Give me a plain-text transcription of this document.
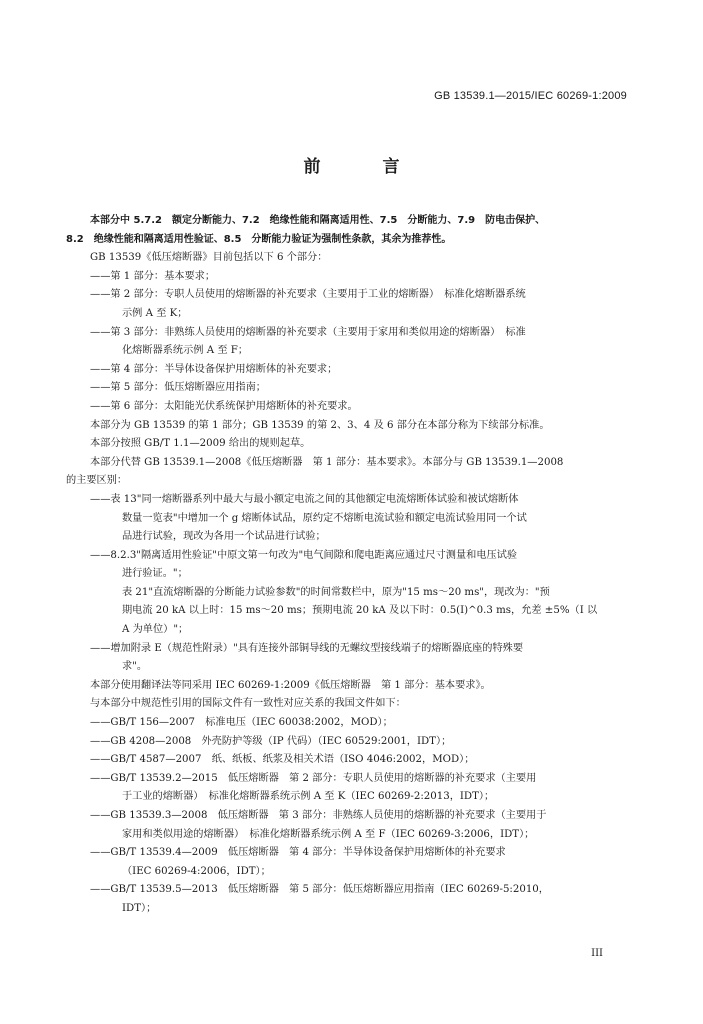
GB 13539.1—2015/IEC 60269-1:2009
前 言
本部分中 5.7.2　额定分断能力、7.2　绝缘性能和隔离适用性、7.5　分断能力、7.9　防电击保护、
8.2　绝缘性能和隔离适用性验证、8.5　分断能力验证为强制性条款，其余为推荐性。
GB 13539《低压熔断器》目前包括以下 6 个部分：
——第 1 部分：基本要求；
——第 2 部分：专职人员使用的熔断器的补充要求（主要用于工业的熔断器）　标准化熔断器系统
示例 A 至 K；
——第 3 部分：非熟练人员使用的熔断器的补充要求（主要用于家用和类似用途的熔断器）　标准
化熔断器系统示例 A 至 F；
——第 4 部分：半导体设备保护用熔断体的补充要求；
——第 5 部分：低压熔断器应用指南；
——第 6 部分：太阳能光伏系统保护用熔断体的补充要求。
本部分为 GB 13539 的第 1 部分；GB 13539 的第 2、3、4 及 6 部分在本部分称为下续部分标准。
本部分按照 GB/T 1.1—2009 给出的规则起草。
本部分代替 GB 13539.1—2008《低压熔断器　第 1 部分：基本要求》。本部分与 GB 13539.1—2008
的主要区别：
——表 13"同一熔断器系列中最大与最小额定电流之间的其他额定电流熔断体试验和被试熔断体
数量一览表"中增加一个 g 熔断体试品，原约定不熔断电流试验和额定电流试验用同一个试
品进行试验，现改为各用一个试品进行试验；
——8.2.3"隔离适用性验证"中原文第一句改为"电气间隙和爬电距离应通过尺寸测量和电压试验
进行验证。"；
表 21"直流熔断器的分断能力试验参数"的时间常数栏中，原为"15 ms～20 ms"，现改为："预
期电流 20 kA 以上时：15 ms～20 ms；预期电流 20 kA 及以下时：0.5(I)^0.3 ms，允差 ±5%（I 以
A 为单位）"；
——增加附录 E（规范性附录）"具有连接外部铜导线的无螺纹型接线端子的熔断器底座的特殊要
求"。
本部分使用翻译法等同采用 IEC 60269-1:2009《低压熔断器　第 1 部分：基本要求》。
与本部分中规范性引用的国际文件有一致性对应关系的我国文件如下：
——GB/T 156—2007　标准电压（IEC 60038:2002，MOD）；
——GB 4208—2008　外壳防护等级（IP 代码）（IEC 60529:2001，IDT）；
——GB/T 4587—2007　纸、纸板、纸浆及相关术语（ISO 4046:2002，MOD）；
——GB/T 13539.2—2015　低压熔断器　第 2 部分：专职人员使用的熔断器的补充要求（主要用
于工业的熔断器）　标准化熔断器系统示例 A 至 K（IEC 60269-2:2013，IDT）；
——GB 13539.3—2008　低压熔断器　第 3 部分：非熟练人员使用的熔断器的补充要求（主要用于
家用和类似用途的熔断器）　标准化熔断器系统示例 A 至 F（IEC 60269-3:2006，IDT）；
——GB/T 13539.4—2009　低压熔断器　第 4 部分：半导体设备保护用熔断体的补充要求
（IEC 60269-4:2006，IDT）；
——GB/T 13539.5—2013　低压熔断器　第 5 部分：低压熔断器应用指南（IEC 60269-5:2010，
IDT）；
III
